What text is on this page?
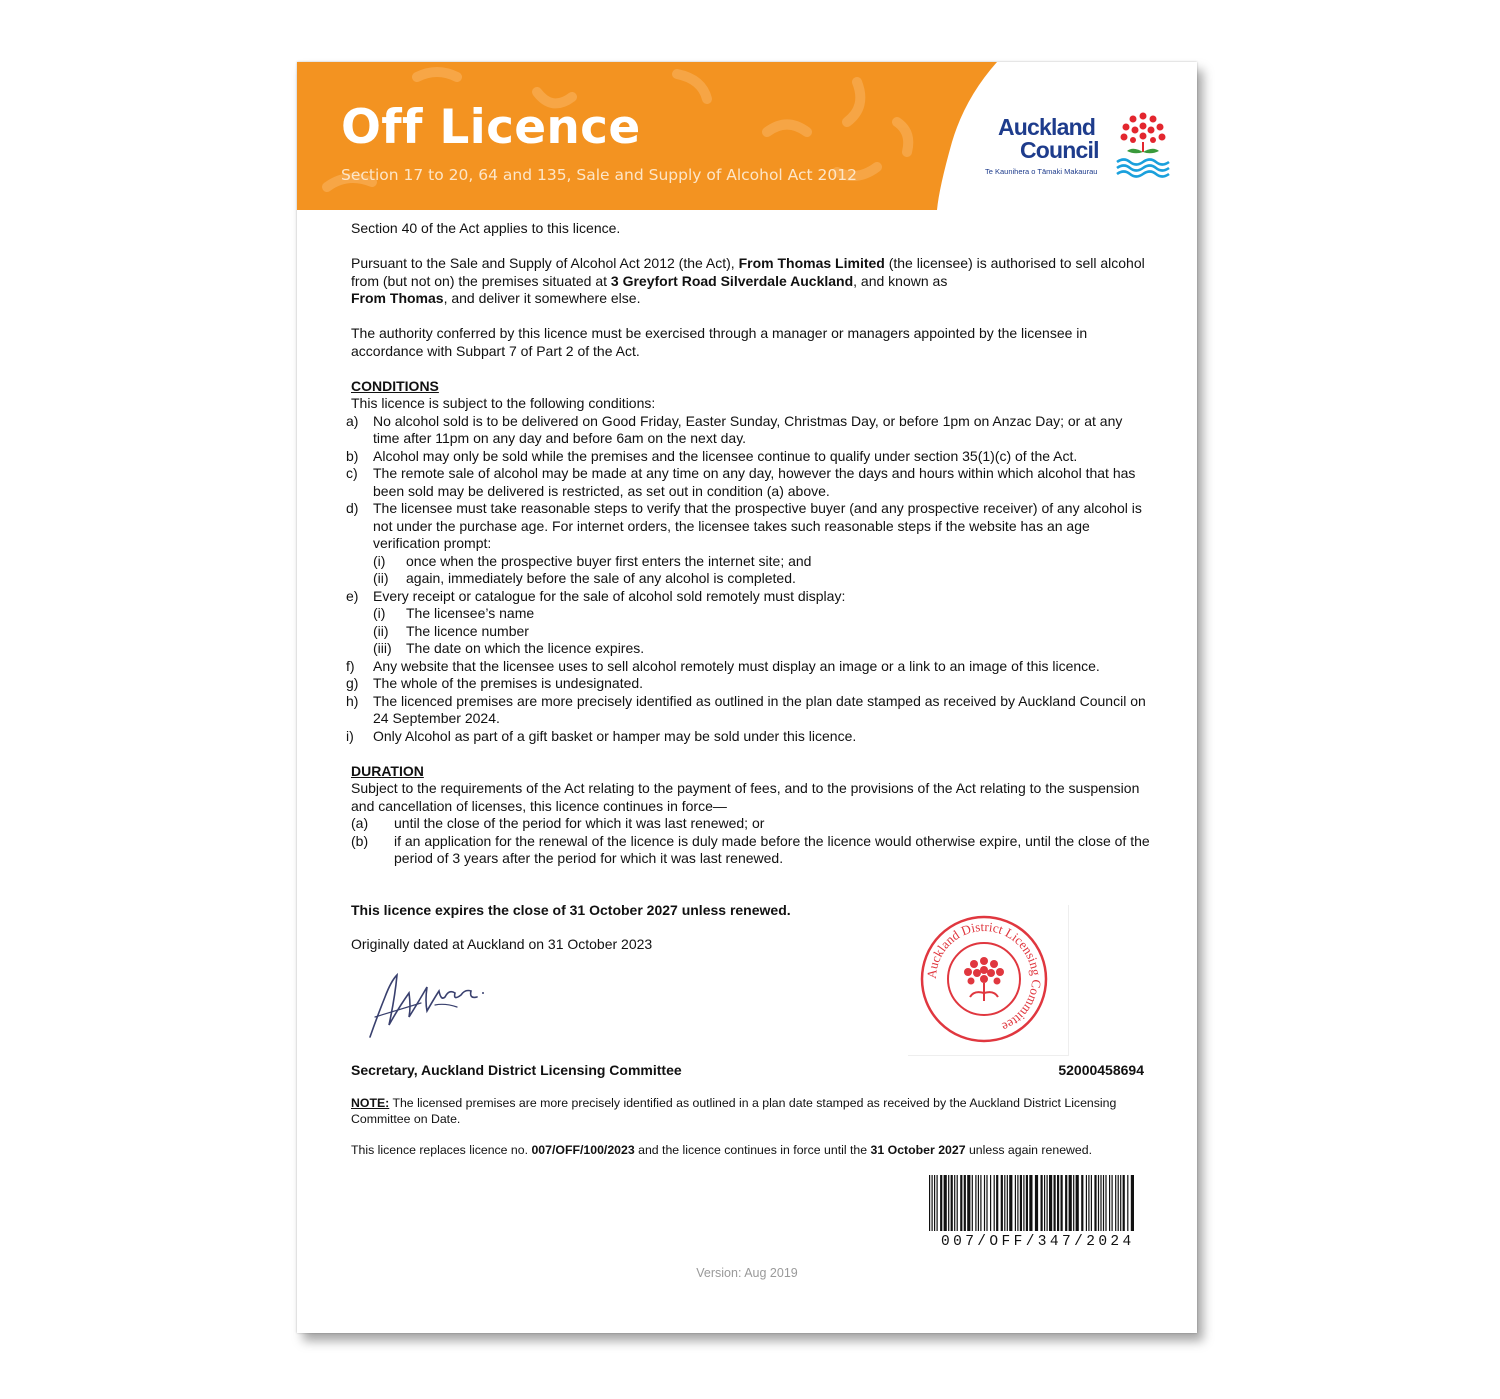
Off Licence
Section 17 to 20, 64 and 135, Sale and Supply of Alcohol Act 2012
Auckland
Council
Te Kaunihera o Tāmaki Makaurau

Section 40 of the Act applies to this licence.

Pursuant to the Sale and Supply of Alcohol Act 2012 (the Act), From Thomas Limited (the licensee) is authorised to sell alcohol from (but not on) the premises situated at 3 Greyfort Road Silverdale Auckland, and known as
From Thomas, and deliver it somewhere else.

The authority conferred by this licence must be exercised through a manager or managers appointed by the licensee in accordance with Subpart 7 of Part 2 of the Act.

CONDITIONS

This licence is subject to the following conditions:

a) No alcohol sold is to be delivered on Good Friday, Easter Sunday, Christmas Day, or before 1pm on Anzac Day; or at any time after 11pm on any day and before 6am on the next day.
b) Alcohol may only be sold while the premises and the licensee continue to qualify under section 35(1)(c) of the Act.
c) The remote sale of alcohol may be made at any time on any day, however the days and hours within which alcohol that has been sold may be delivered is restricted, as set out in condition (a) above.
d) The licensee must take reasonable steps to verify that the prospective buyer (and any prospective receiver) of any alcohol is not under the purchase age. For internet orders, the licensee takes such reasonable steps if the website has an age verification prompt:
(i) once when the prospective buyer first enters the internet site; and
(ii) again, immediately before the sale of any alcohol is completed.
e) Every receipt or catalogue for the sale of alcohol sold remotely must display:
(i) The licensee’s name
(ii) The licence number
(iii) The date on which the licence expires.
f) Any website that the licensee uses to sell alcohol remotely must display an image or a link to an image of this licence.
g) The whole of the premises is undesignated.
h) The licenced premises are more precisely identified as outlined in the plan date stamped as received by Auckland Council on 24 September 2024.
i) Only Alcohol as part of a gift basket or hamper may be sold under this licence.

DURATION

Subject to the requirements of the Act relating to the payment of fees, and to the provisions of the Act relating to the suspension and cancellation of licenses, this licence continues in force—

(a) until the close of the period for which it was last renewed; or
(b) if an application for the renewal of the licence is duly made before the licence would otherwise expire, until the close of the period of 3 years after the period for which it was last renewed.
This licence expires the close of 31 October 2027 unless renewed.
Originally dated at Auckland on 31 October 2023
Auckland District Licensing Committee
Secretary, Auckland District Licensing Committee	52000458694
NOTE: The licensed premises are more precisely identified as outlined in a plan date stamped as received by the Auckland District Licensing Committee on Date.
This licence replaces licence no. 007/OFF/100/2023 and the licence continues in force until the 31 October 2027 unless again renewed.
007/OFF/347/2024
Version: Aug 2019
